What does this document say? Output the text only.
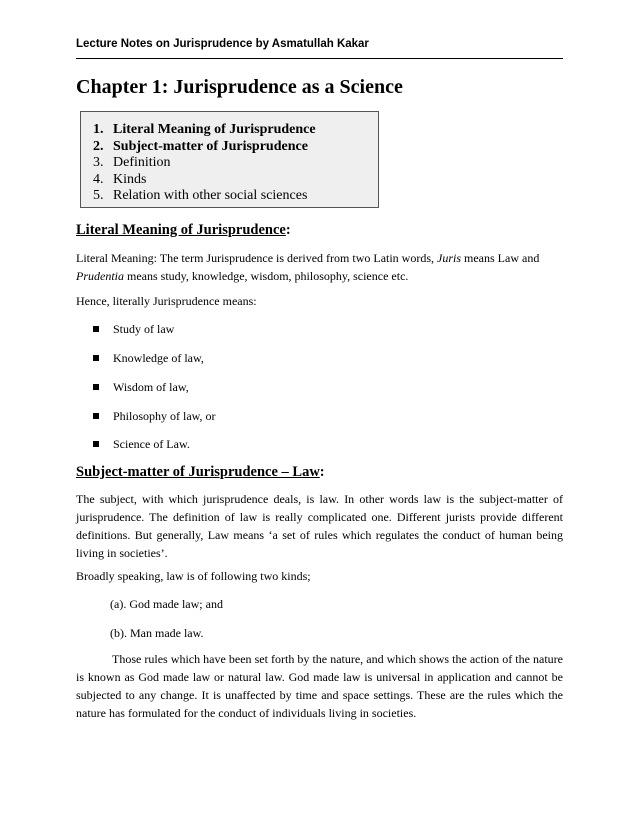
Lecture Notes on Jurisprudence by Asmatullah Kakar
Chapter 1: Jurisprudence as a Science
1. Literal Meaning of Jurisprudence
2. Subject-matter of Jurisprudence
3. Definition
4. Kinds
5. Relation with other social sciences
Literal Meaning of Jurisprudence:
Literal Meaning: The term Jurisprudence is derived from two Latin words, Juris means Law and Prudentia means study, knowledge, wisdom, philosophy, science etc.
Hence, literally Jurisprudence means:
Study of law
Knowledge of law,
Wisdom of law,
Philosophy of law, or
Science of Law.
Subject-matter of Jurisprudence – Law:
The subject, with which jurisprudence deals, is law. In other words law is the subject-matter of jurisprudence. The definition of law is really complicated one. Different jurists provide different definitions. But generally, Law means ‘a set of rules which regulates the conduct of human being living in societies’.
Broadly speaking, law is of following two kinds;
(a). God made law; and
(b). Man made law.
Those rules which have been set forth by the nature, and which shows the action of the nature is known as God made law or natural law. God made law is universal in application and cannot be subjected to any change. It is unaffected by time and space settings. These are the rules which the nature has formulated for the conduct of individuals living in societies.
